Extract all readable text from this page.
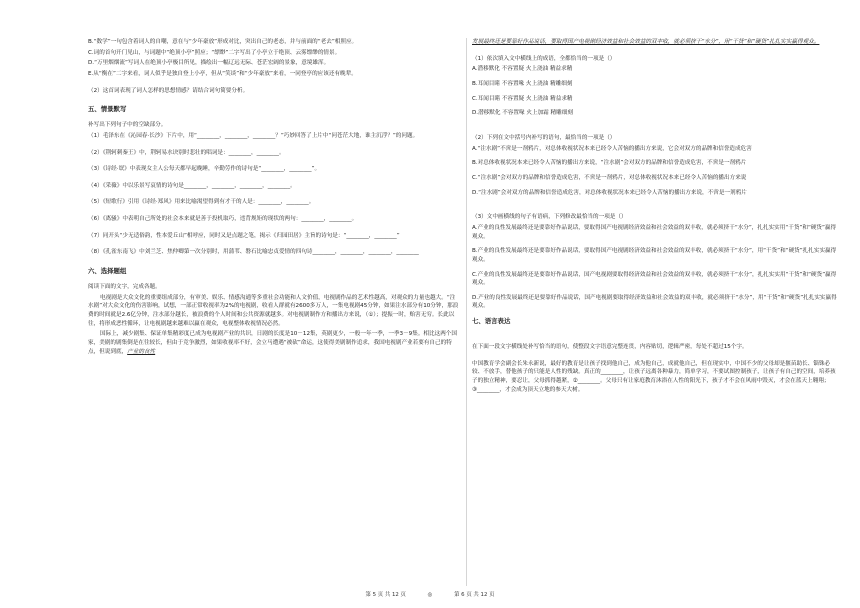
B.“数学”一句包含着词人的自嘲，意在与“少年豪放”形成对比，突出自己的老态，并与前面的“老去”相照应。

C.词的首句开门见山，与词题中“绝顶小亭”照应；“缥缈”二字写出了小亭立于绝顶、云雾缥缈的情景。

D.“万里烟烟流”写词人在绝顶小亭极目所见，描绘出一幅辽远无际、苍茫宏阔的景象，意境雄浑。

E.从“衡在”二字来看，词人似乎是独自登上小亭，但从“笑谈”和“少年豪放”来看，一同登亭的应该还有晚辈。

（2）这首词表现了词人怎样的思想情感？请结合词句简要分析。

五、情景默写

补写出下列句子中的空缺部分。

（1）毛泽东在《沁园春·长沙》下片中，用“________，________，________？”巧妙回答了上片中“问苍茫大地，谁主沉浮？”的问题。

（2）《荆轲刺秦王》中，荆轲易水诀别时悲壮的唱词是：________，________。

（3）《诗经·氓》中表现女主人公每天都早起晚睡，辛勤劳作的诗句是“________，________”。

（4）《采薇》中以乐景写哀情的诗句是________，________，________，________。

（5）《短歌行》引用《诗经·郑风》用来比喻渴望得到有才干的人是：________，________。

（6）《离骚》中表明自己所处的社会本来就是善于投机取巧，违背规矩的现状的两句：________，________。

（7）同开头“少无适俗韵，性本爱丘山”相呼应，同时又是点题之笔，揭示《归园田居》主旨的诗句是：“________，________”

（8）《孔雀东南飞》中刘兰芝、焦仲卿第一次分别时，用蒲苇、磐石比喻忠贞爱情的四句诗________，________，________，________

六、选择题组

阅读下面的文字，完成各题。

电视剧是大众文化的重要组成部分，有审美、娱乐、情感沟通等多重社会功能和人文价值，电视剧作品的艺术性越高，对观众的力量也越大。“注水剧”对大众文化的伤害影响，试想，一部正常收视率为2%的电视剧，收看人群就有2600多万人，一集电视剧45分钟，如果注水部分有10分钟，那浪费的时间就是2.6亿分钟，注水部分越长，被浪费的个人时间和公共资源就越多。对电视剧制作方和播出方来说，（①）；提振一时，贻害无穷。长此以往，将形成恶性循环，让电视剧越来越难以赢在观众，电视整体收视情况必然。

国际上，减少剧集、保证单集精彩度已成为电视剧产业的共识，日剧的长度是10－12集，英剧更少，一般一年一季，一季3－9集。相比这两个国家，美剧的剧集倒是在往较长，但由于竞争激烈，如果收视率不好，会立马遭遇“被砍”命运，这使得美剧制作追求，我国电视剧产业若要有自己的特点，但说到底，产业的良性

发展最终还是要靠好作品说话，要取得国产电视剧经济效益和社会效益的双丰收，就必须挤干“水分”，用“干货”和“硬货”扎扎实实赢得观众。

（1）依次填入文中横线上的成语，全都恰当的一项是（）

A.潜移默化 不容置疑 火上浇油 精益求精

B.耳闻目睹 不容置喙 火上浇油 精雕细刻

C.耳闻目睹 不容置疑 火上浇油 精益求精

D.潜移默化 不容置喙 火上加霜 精雕细刻

（2）下列在文中括号内补写的语句，最恰当的一项是（）

A.“注水剧”不啻是一剂鸦片，对总体收视状况本来已经令人苦恼的播出方来说，它会对双方的品牌和信誉造成危害

B.对总体收视状况本来已经令人苦恼的播出方来说，“注水剧”会对双方的品牌和信誉造成危害，不啻是一剂鸦片

C.“注水剧”会对双方的品牌和信誉造成危害，不啻是一剂鸦片，对总体收视状况本来已经令人苦恼的播出方来说

D.“注水剧”会对双方的品牌和信誉造成危害，对总体收视状况本来已经令人苦恼的播出方来说，不啻是一剂鸦片

（3）文中画横线的句子有语病，下列修改最恰当的一项是（）

A.产业的良性发展最终还是要靠好作品说话，要取得国产电视剧经济效益和社会效益的双丰收，就必须挤干“水分”，扎扎实实用“干货”和“硬货”赢得观众。

B.产业的良性发展最终还是要靠好作品说话，要取得国产电视剧经济效益和社会效益的双丰收，就必须挤干“水分”，用“干货”和“硬货”扎扎实实赢得观众。

C.产业的良性发展最终还是要靠好作品说话，国产电视剧要取得经济效益和社会效益的双丰收，就必须挤干“水分”，扎扎实实用“干货”和“硬货”赢得观众。

D.产业的良性发展最终还是要靠好作品说话，国产电视剧要取得经济效益和社会效益的双丰收，就必须挤干“水分”，用“干货”和“硬货”扎扎实实赢得观众。

七、语言表达

在下面一段文字横线处补写恰当的语句，使整段文字语意完整连贯，内容贴切，逻辑严密，每处不超过15个字。

中国教育学会副会长朱永新说，最好的教育是让孩子找到他自己，成为他自己，成就他自己，但在现实中，中国不少的父母却是揠苗助长、锱铢必较、不放手，替他孩子的只能是人性的残缺。真正的________，让孩子远离各种暴力，简单学习，不要试图控制孩子，让孩子有自己的空间，培养孩子的独立精神，要忍让，父母抓得越紧，②________。父母只有让家庭教育沐浴在人性的阳光下，孩子才不会在风雨中毁灭，才会在蓝天上翱翔；③________，才会成为顶天立地的参天大树。

第 5 页 共 12 页	◎	第 6 页 共 12 页
